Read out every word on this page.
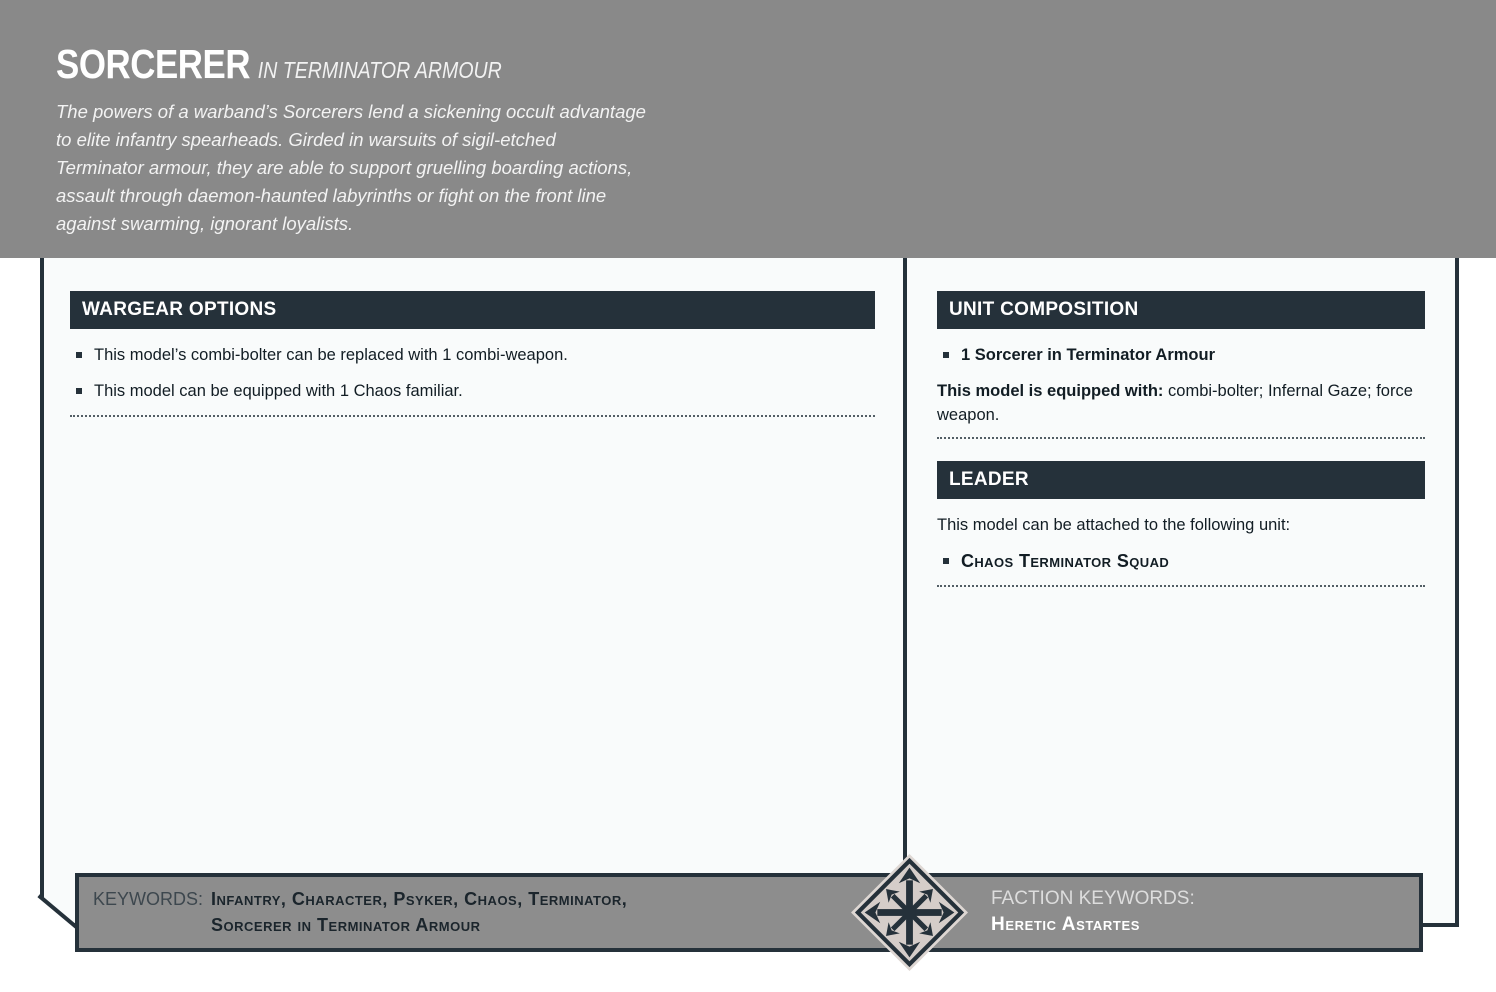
SORCERER IN TERMINATOR ARMOUR

The powers of a warband’s Sorcerers lend a sickening occult advantage to elite infantry spearheads. Girded in warsuits of sigil-etched Terminator armour, they are able to support gruelling boarding actions, assault through daemon-haunted labyrinths or fight on the front line against swarming, ignorant loyalists.

WARGEAR OPTIONS
This model’s combi-bolter can be replaced with 1 combi-weapon.
This model can be equipped with 1 Chaos familiar.
UNIT COMPOSITION
1 Sorcerer in Terminator Armour

This model is equipped with: combi-bolter; Infernal Gaze; force weapon.

LEADER

This model can be attached to the following unit:

Chaos Terminator Squad
KEYWORDS: Infantry, Character, Psyker, Chaos, Terminator, Sorcerer in Terminator Armour
FACTION KEYWORDS:
Heretic Astartes
